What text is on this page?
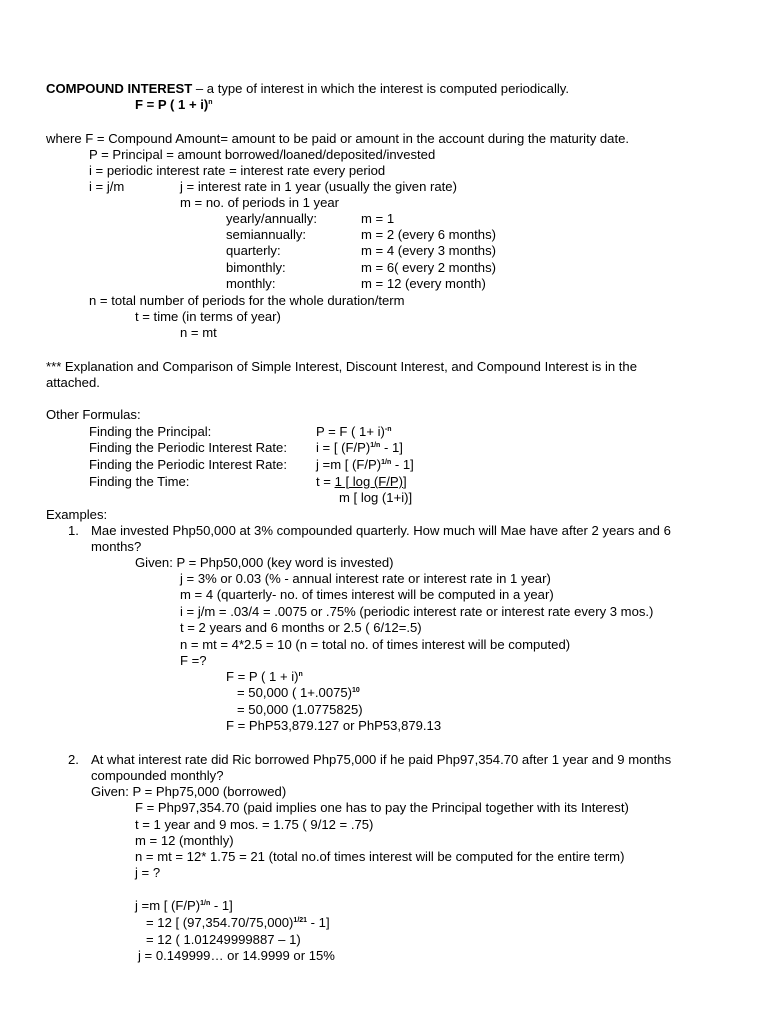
COMPOUND INTEREST – a type of interest in which the interest is computed periodically.
F = P ( 1 + i)$^n$
where F = Compound Amount= amount to be paid or amount in the account during the maturity date.
P = Principal = amount borrowed/loaned/deposited/invested
i = periodic interest rate = interest rate every period
i = j/m	j = interest rate in 1 year (usually the given rate)
m = no. of periods in 1 year
yearly/annually:	m = 1
semiannually:	m = 2 (every 6 months)
quarterly:	m = 4 (every 3 months)
bimonthly:	m = 6( every 2 months)
monthly:	m = 12 (every month)
n = total number of periods for the whole duration/term
t = time (in terms of year)
n = mt
*** Explanation and Comparison of Simple Interest, Discount Interest, and Compound Interest is in the
attached.
Other Formulas:
Finding the Principal:	P = F ( 1+ i)$^{-n}$
Finding the Periodic Interest Rate: i = [ $(F/P)^{1/n} - 1$]
Finding the Periodic Interest Rate: j =m [ $(F/P)^{1/n} - 1$]
Finding the Time:	t = 1 [ log (F/P)]
m [ log (1+i)]
Examples:
1. Mae invested Php50,000 at 3% compounded quarterly. How much will Mae have after 2 years and 6
months?
Given: P = Php50,000 (key word is invested)
j = 3% or 0.03 (% - annual interest rate or interest rate in 1 year)
m = 4 (quarterly- no. of times interest will be computed in a year)
i = j/m = .03/4 = .0075 or .75% (periodic interest rate or interest rate every 3 mos.)
t = 2 years and 6 months or 2.5 ( 6/12=.5)
n = mt = 4*2.5 = 10 (n = total no. of times interest will be computed)
F =?
F = P ( 1 + i)$^n$
= 50,000 ( 1+.0075)$^{10}$
= 50,000 (1.0775825)
F = PhP53,879.127 or PhP53,879.13
2. At what interest rate did Ric borrowed Php75,000 if he paid Php97,354.70 after 1 year and 9 months
compounded monthly?
Given: P = Php75,000 (borrowed)
F = Php97,354.70 (paid implies one has to pay the Principal together with its Interest)
t = 1 year and 9 mos. = 1.75 ( 9/12 = .75)
m = 12 (monthly)
n = mt = 12* 1.75 = 21 (total no.of times interest will be computed for the entire term)
j = ?
j =m [ $(F/P)^{1/n} - 1$]
= 12 [ $(97,354.70/75,000)^{1/21} - 1$]
= 12 ( 1.01249999887 – 1)
j = 0.149999… or 14.9999 or 15%
